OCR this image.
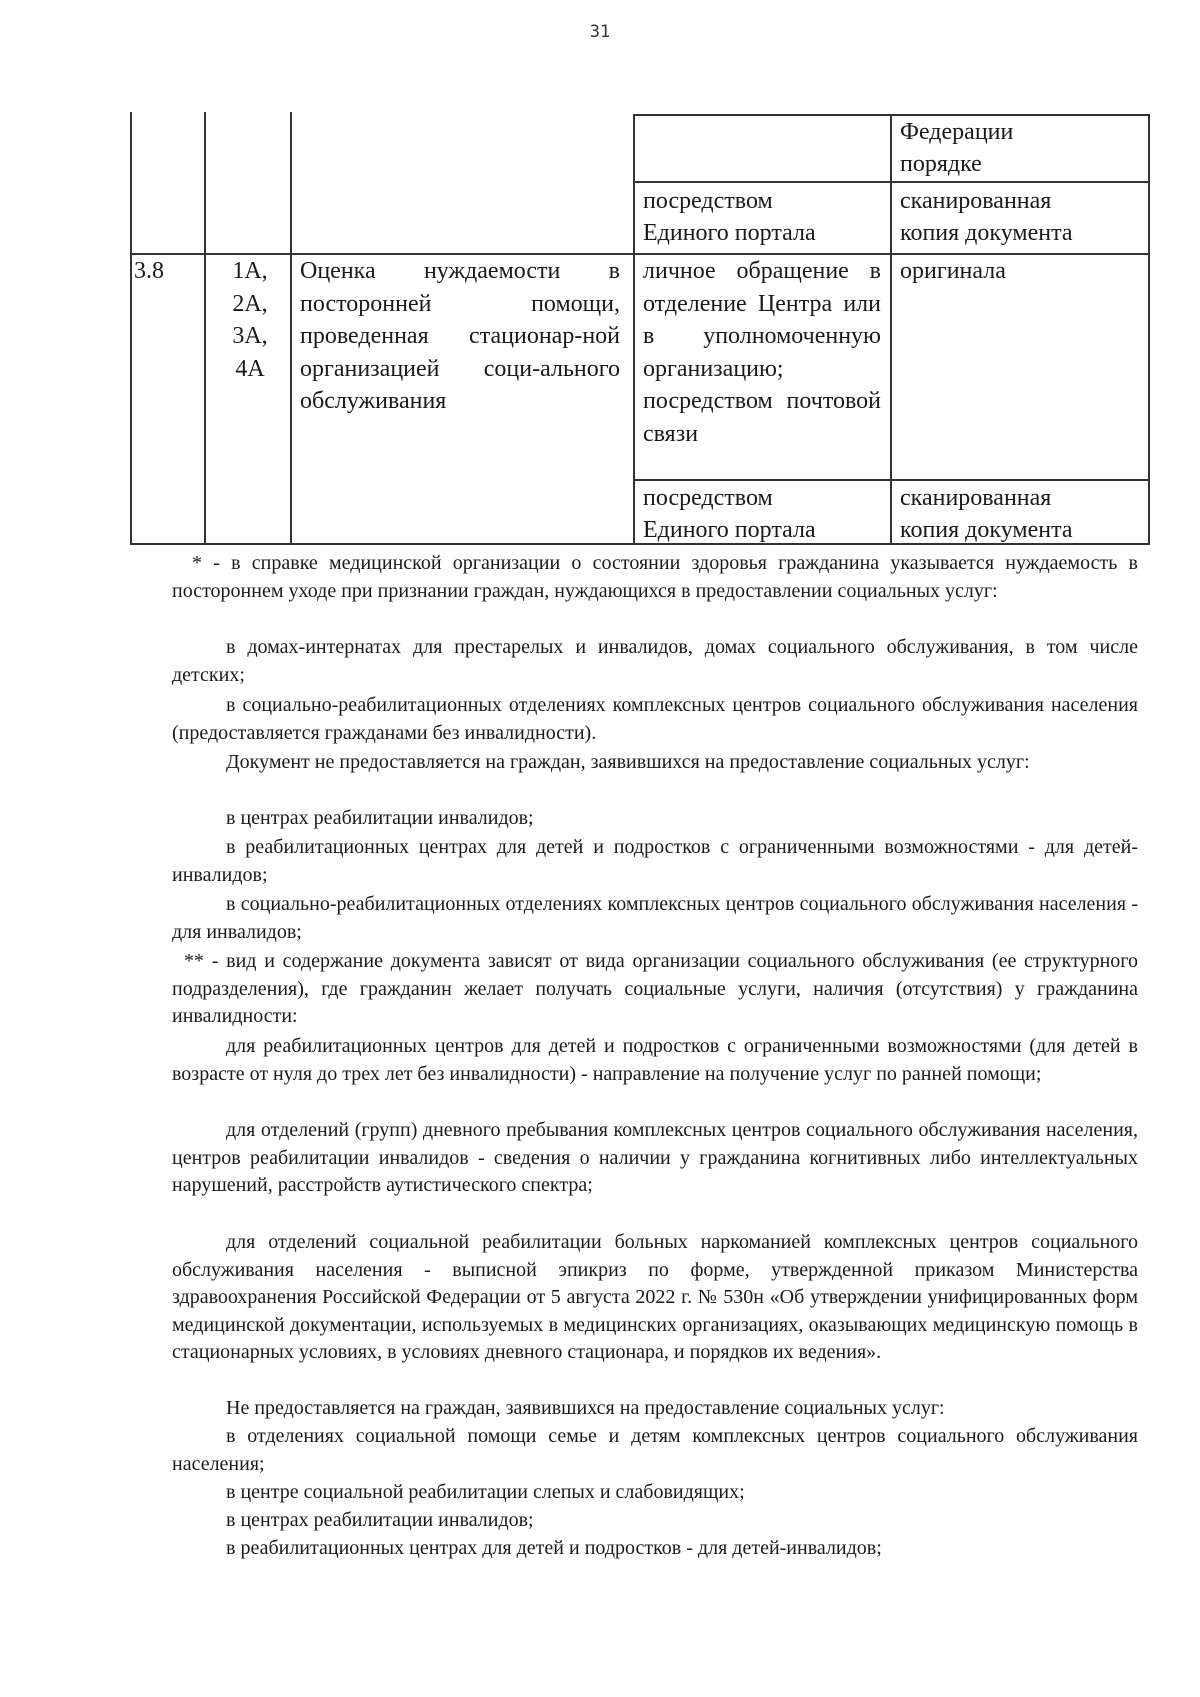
31
Федерации
порядке
посредством
Единого портала
сканированная
копия документа
3.8	1А,
2А,
3А,
4А
Оценка нуждаемости в посторонней помощи, проведенная стационар-ной организацией соци-ального обслуживания
личное обращение в отделение Центра или в уполномоченную организацию; посредством почтовой связи
оригинала
посредством
Единого портала
сканированная
копия документа

* - в справке медицинской организации о состоянии здоровья гражданина указывается нуждаемость в постороннем уходе при признании граждан, нуждающихся в предоставлении социальных услуг:

в домах-интернатах для престарелых и инвалидов, домах социального обслуживания, в том числе детских;

в социально-реабилитационных отделениях комплексных центров социального обслуживания населения (предоставляется гражданами без инвалидности).

Документ не предоставляется на граждан, заявившихся на предоставление социальных услуг:

в центрах реабилитации инвалидов;

в реабилитационных центрах для детей и подростков с ограниченными возможностями - для детей-инвалидов;

в социально-реабилитационных отделениях комплексных центров социального обслуживания населения - для инвалидов;

** - вид и содержание документа зависят от вида организации социального обслуживания (ее структурного подразделения), где гражданин желает получать социальные услуги, наличия (отсутствия) у гражданина инвалидности:

для реабилитационных центров для детей и подростков с ограниченными возможностями (для детей в возрасте от нуля до трех лет без инвалидности) - направление на получение услуг по ранней помощи;

для отделений (групп) дневного пребывания комплексных центров социального обслуживания населения, центров реабилитации инвалидов - сведения о наличии у гражданина когнитивных либо интеллектуальных нарушений, расстройств аутистического спектра;

для отделений социальной реабилитации больных наркоманией комплексных центров социального обслуживания населения - выписной эпикриз по форме, утвержденной приказом Министерства здравоохранения Российской Федерации от 5 августа 2022 г. № 530н «Об утверждении унифицированных форм медицинской документации, используемых в медицинских организациях, оказывающих медицинскую помощь в стационарных условиях, в условиях дневного стационара, и порядков их ведения».

Не предоставляется на граждан, заявившихся на предоставление социальных услуг:

в отделениях социальной помощи семье и детям комплексных центров социального обслуживания населения;

в центре социальной реабилитации слепых и слабовидящих;

в центрах реабилитации инвалидов;

в реабилитационных центрах для детей и подростков - для детей-инвалидов;
